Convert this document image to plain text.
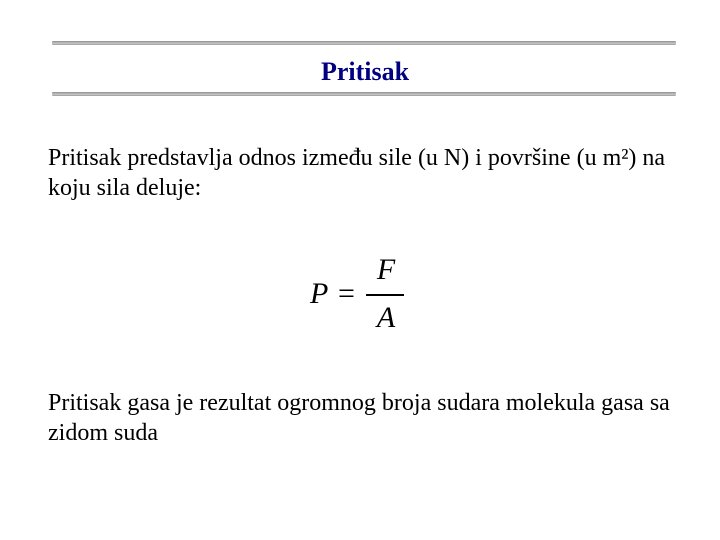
Pritisak
Pritisak predstavlja odnos između sile (u N) i površine (u m²) na koju sila deluje:
P =
F
A
Pritisak gasa je rezultat ogromnog broja sudara molekula gasa sa zidom suda
